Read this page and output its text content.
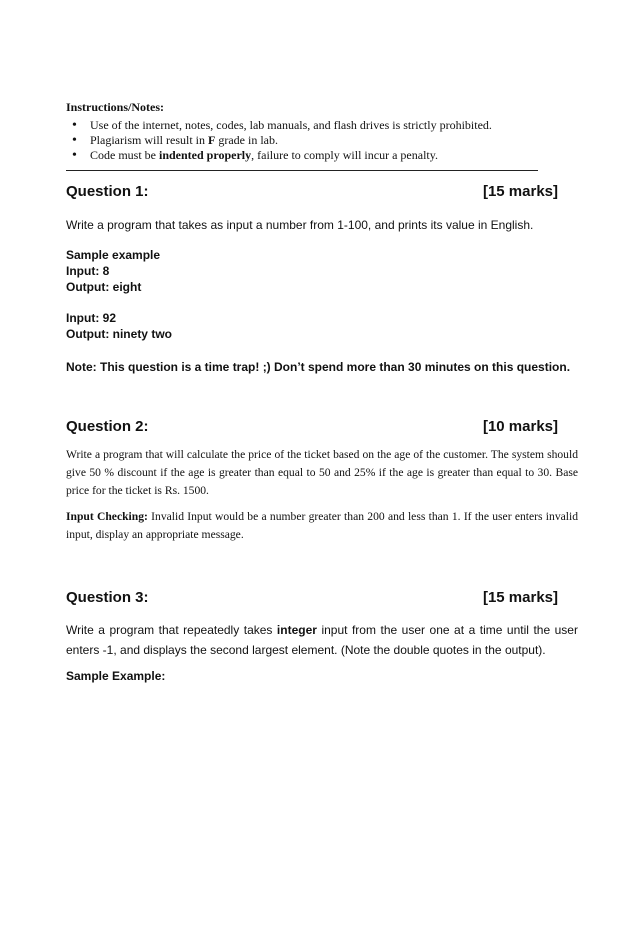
Instructions/Notes:

• Use of the internet, notes, codes, lab manuals, and flash drives is strictly prohibited.
• Plagiarism will result in F grade in lab.
• Code must be indented properly, failure to comply will incur a penalty.
Question 1:	[15 marks]

Write a program that takes as input a number from 1-100, and prints its value in English.

Sample example

Input: 8

Output: eight

Input: 92

Output: ninety two

Note: This question is a time trap! ;) Don’t spend more than 30 minutes on this question.

Question 2:	[10 marks]

Write a program that will calculate the price of the ticket based on the age of the customer. The system should give 50 % discount if the age is greater than equal to 50 and 25% if the age is greater than equal to 30. Base price for the ticket is Rs. 1500.

Input Checking: Invalid Input would be a number greater than 200 and less than 1. If the user enters invalid input, display an appropriate message.

Question 3:	[15 marks]

Write a program that repeatedly takes integer input from the user one at a time until the user enters -1, and displays the second largest element. (Note the double quotes in the output).

Sample Example:
